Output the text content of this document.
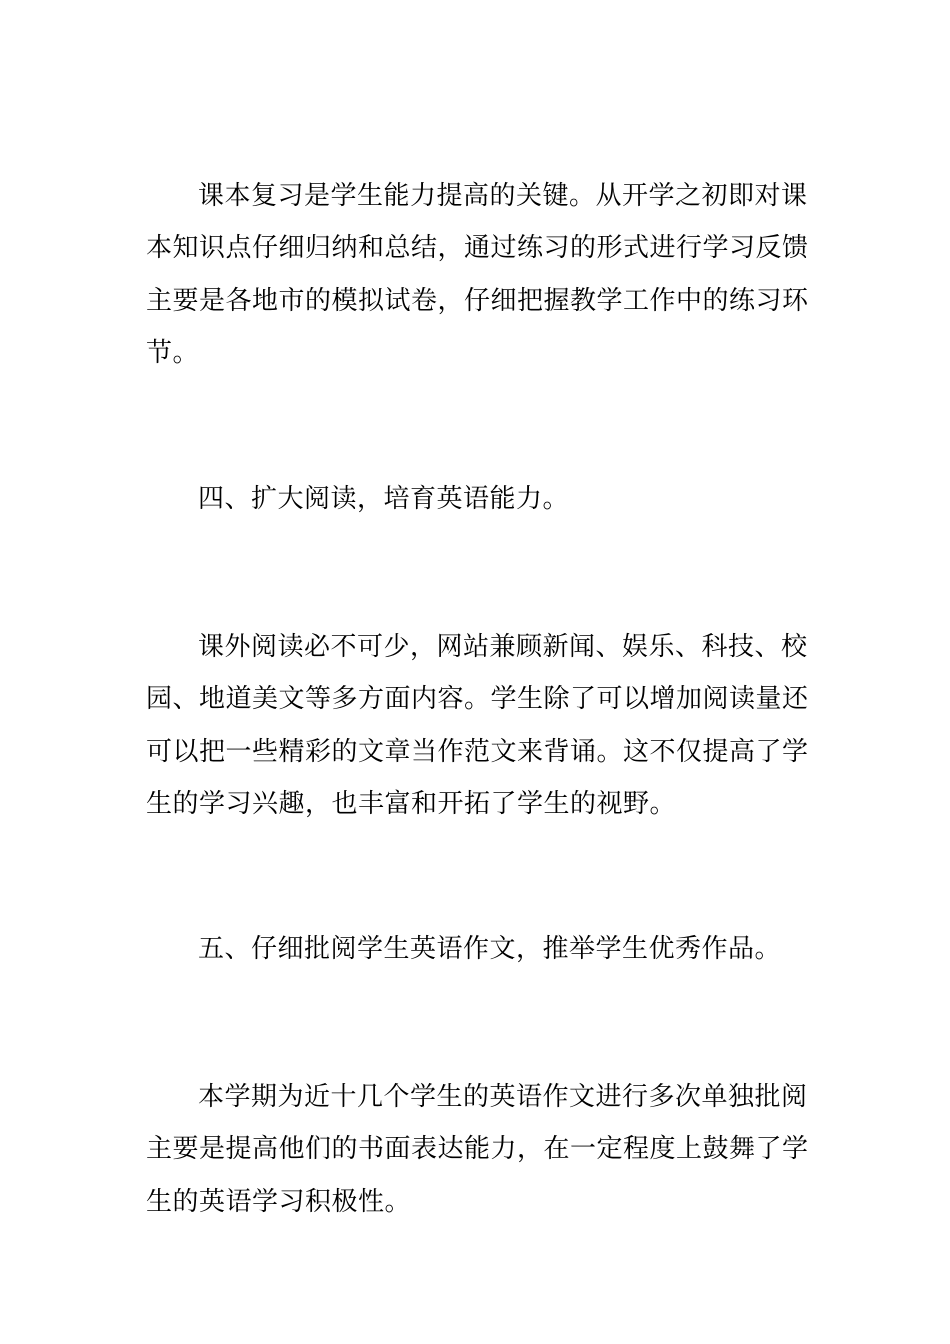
课本复习是学生能力提高的关键。从开学之初即对课
本知识点仔细归纳和总结，通过练习的形式进行学习反馈
主要是各地市的模拟试卷，仔细把握教学工作中的练习环
节。
四、扩大阅读，培育英语能力。
课外阅读必不可少，网站兼顾新闻、娱乐、科技、校
园、地道美文等多方面内容。学生除了可以增加阅读量还
可以把一些精彩的文章当作范文来背诵。这不仅提高了学
生的学习兴趣，也丰富和开拓了学生的视野。
五、仔细批阅学生英语作文，推举学生优秀作品。
本学期为近十几个学生的英语作文进行多次单独批阅
主要是提高他们的书面表达能力，在一定程度上鼓舞了学
生的英语学习积极性。
